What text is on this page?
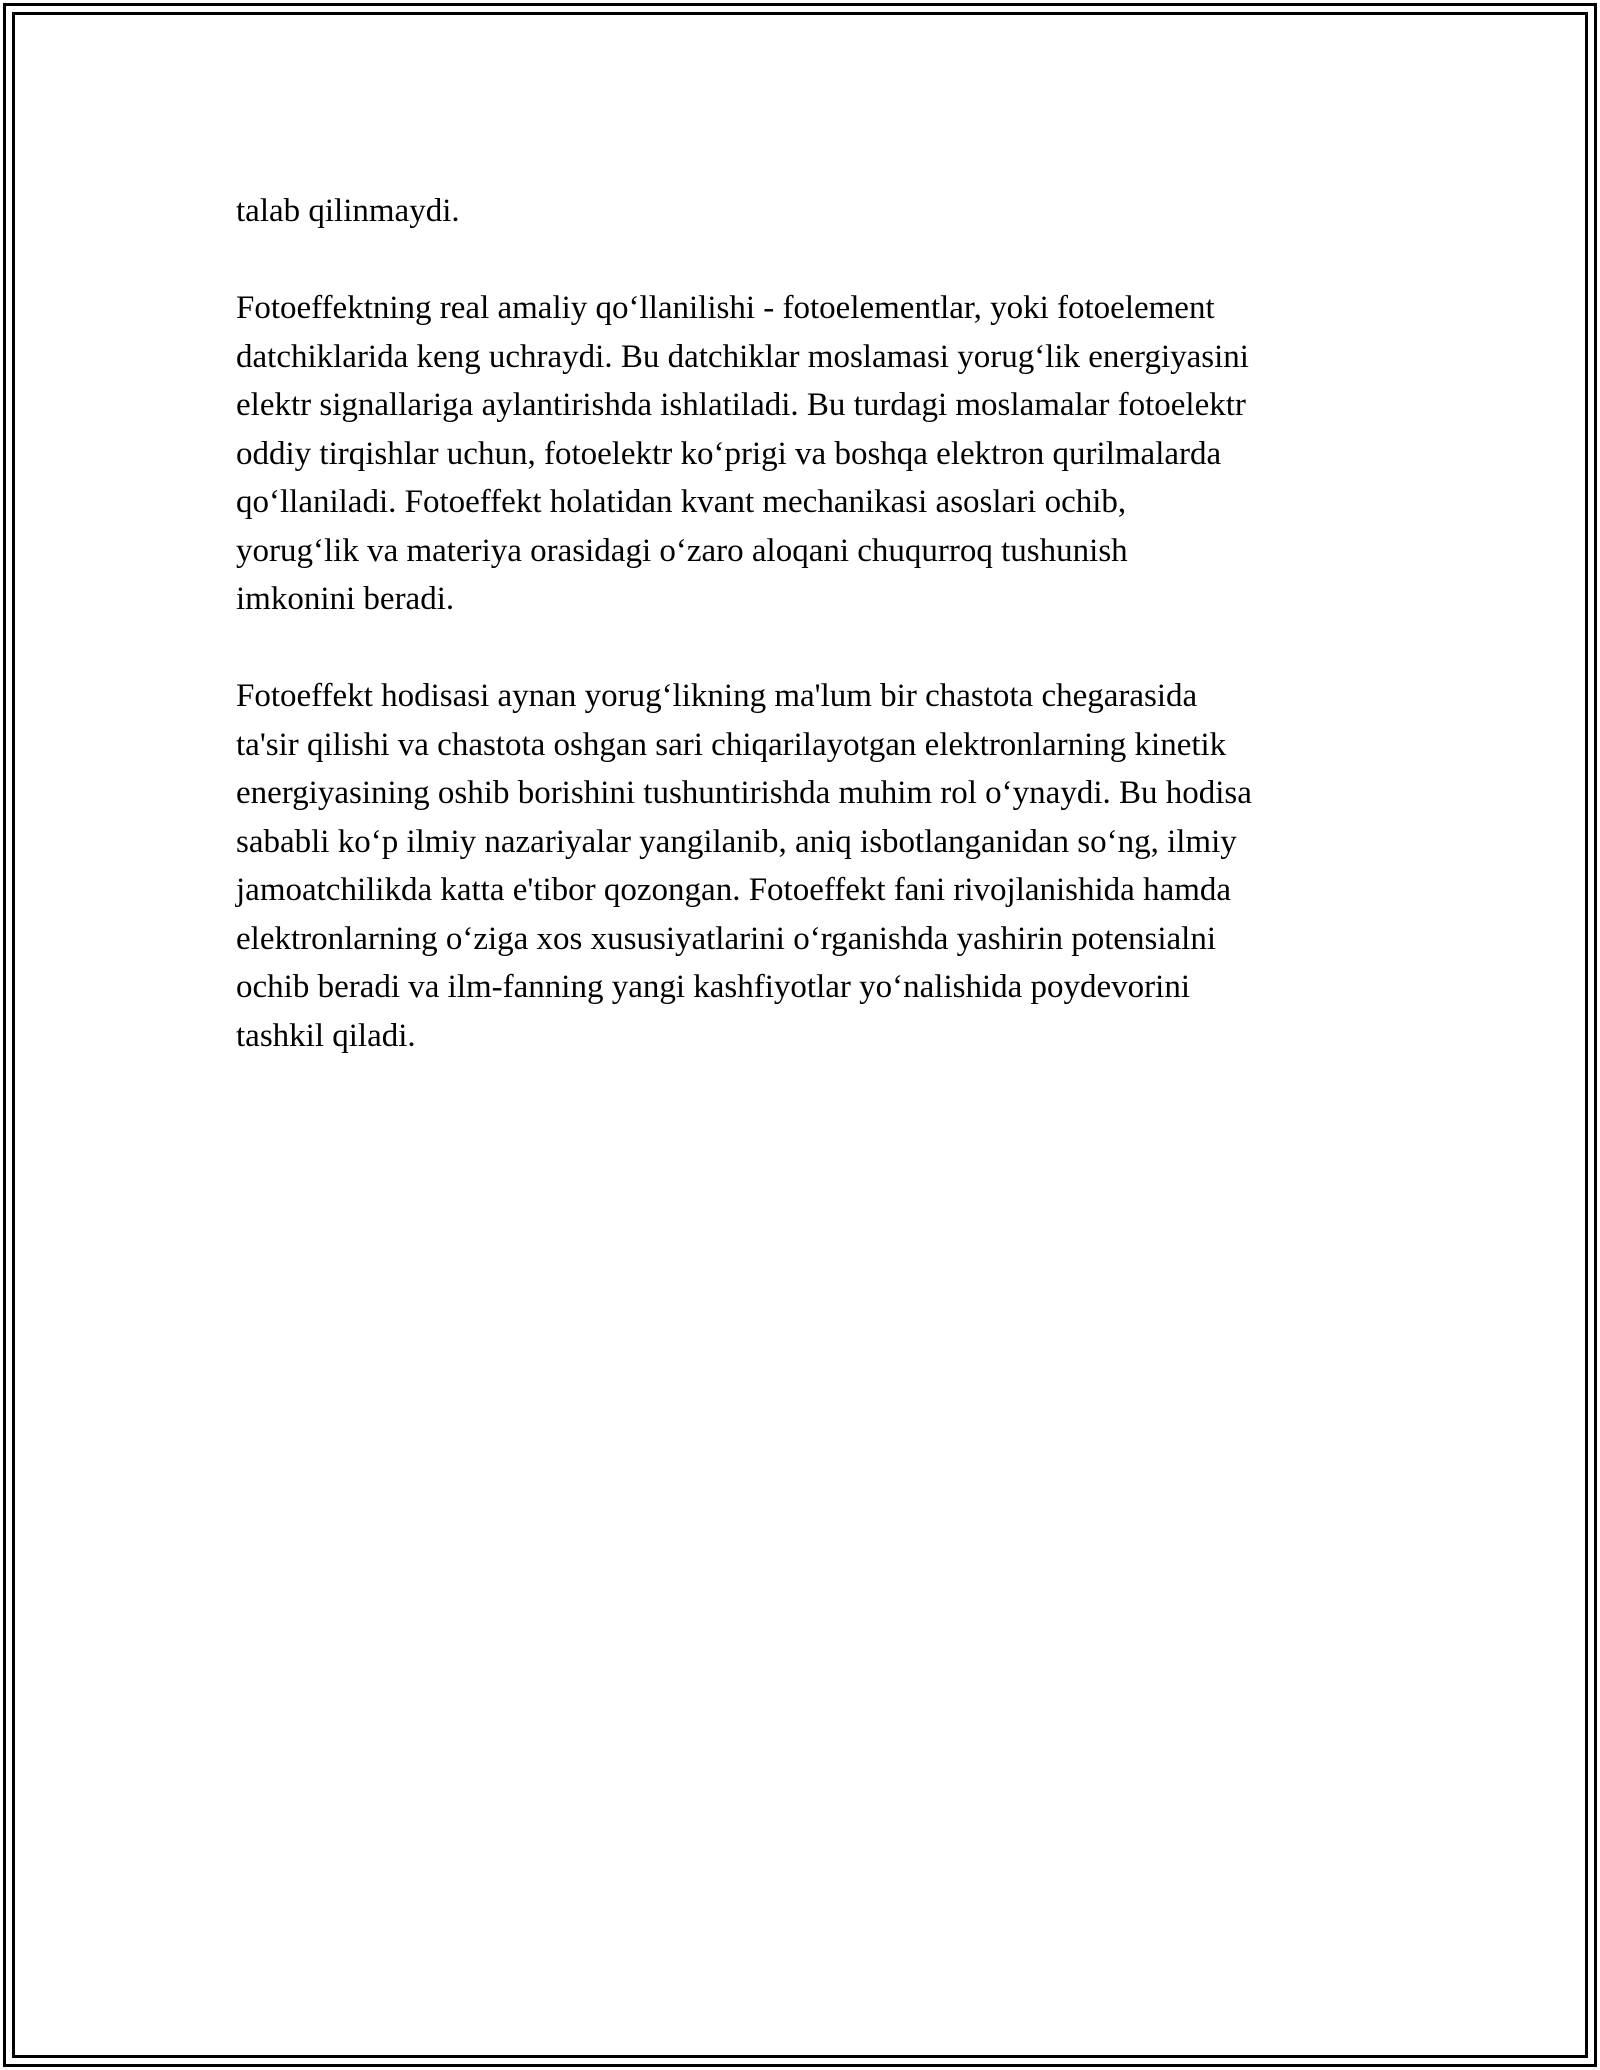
talab qilinmaydi.

Fotoeffektning real amaliy qo‘llanilishi - fotoelementlar, yoki fotoelement
datchiklarida keng uchraydi. Bu datchiklar moslamasi yorug‘lik energiyasini
elektr signallariga aylantirishda ishlatiladi. Bu turdagi moslamalar fotoelektr
oddiy tirqishlar uchun, fotoelektr ko‘prigi va boshqa elektron qurilmalarda
qo‘llaniladi. Fotoeffekt holatidan kvant mechanikasi asoslari ochib,
yorug‘lik va materiya orasidagi o‘zaro aloqani chuqurroq tushunish
imkonini beradi.

Fotoeffekt hodisasi aynan yorug‘likning ma'lum bir chastota chegarasida
ta'sir qilishi va chastota oshgan sari chiqarilayotgan elektronlarning kinetik
energiyasining oshib borishini tushuntirishda muhim rol o‘ynaydi. Bu hodisa
sababli ko‘p ilmiy nazariyalar yangilanib, aniq isbotlanganidan so‘ng, ilmiy
jamoatchilikda katta e'tibor qozongan. Fotoeffekt fani rivojlanishida hamda
elektronlarning o‘ziga xos xususiyatlarini o‘rganishda yashirin potensialni
ochib beradi va ilm-fanning yangi kashfiyotlar yo‘nalishida poydevorini
tashkil qiladi.
